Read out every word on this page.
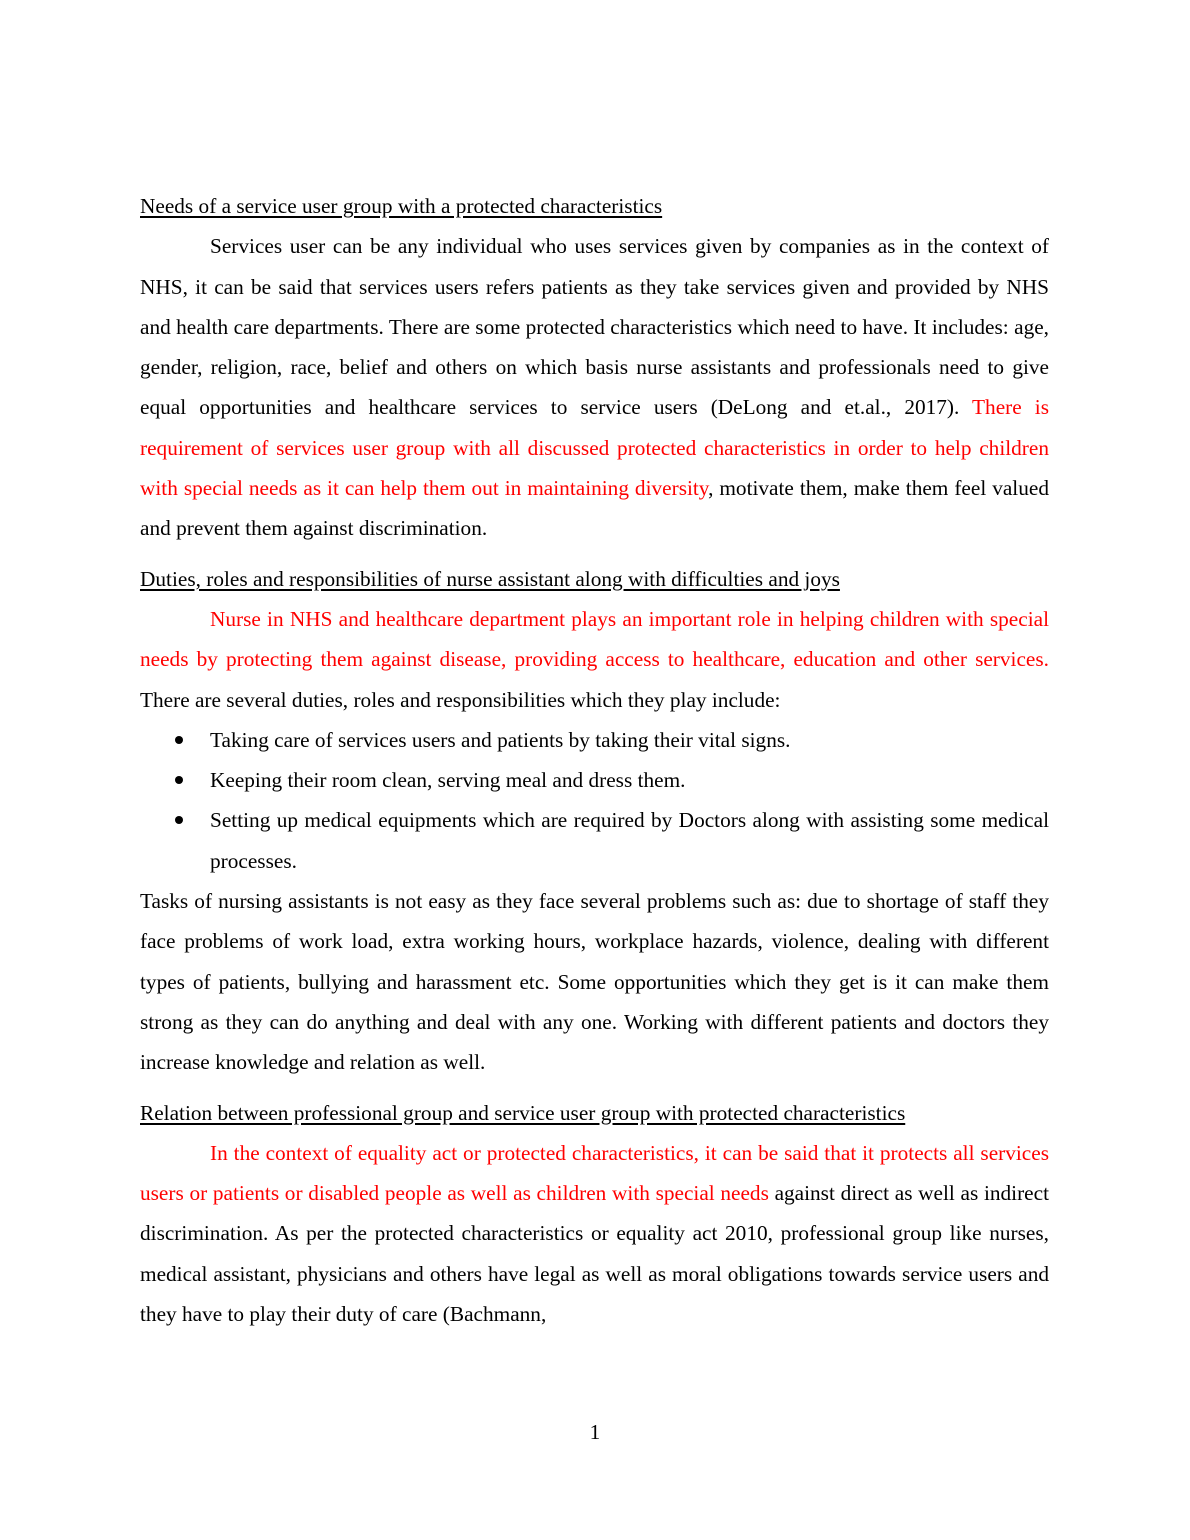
Needs of a service user group with a protected characteristics

Services user can be any individual who uses services given by companies as in the context of NHS, it can be said that services users refers patients as they take services given and provided by NHS and health care departments. There are some protected characteristics which need to have. It includes: age, gender, religion, race, belief and others on which basis nurse assistants and professionals need to give equal opportunities and healthcare services to service users (DeLong and et.al., 2017). There is requirement of services user group with all discussed protected characteristics in order to help children with special needs as it can help them out in maintaining diversity, motivate them, make them feel valued and prevent them against discrimination.

Duties, roles and responsibilities of nurse assistant along with difficulties and joys

Nurse in NHS and healthcare department plays an important role in helping children with special needs by protecting them against disease, providing access to healthcare, education and other services. There are several duties, roles and responsibilities which they play include:

Taking care of services users and patients by taking their vital signs.
Keeping their room clean, serving meal and dress them.
Setting up medical equipments which are required by Doctors along with assisting some medical processes.

Tasks of nursing assistants is not easy as they face several problems such as: due to shortage of staff they face problems of work load, extra working hours, workplace hazards, violence, dealing with different types of patients, bullying and harassment etc. Some opportunities which they get is it can make them strong as they can do anything and deal with any one. Working with different patients and doctors they increase knowledge and relation as well.

Relation between professional group and service user group with protected characteristics

In the context of equality act or protected characteristics, it can be said that it protects all services users or patients or disabled people as well as children with special needs against direct as well as indirect discrimination. As per the protected characteristics or equality act 2010, professional group like nurses, medical assistant, physicians and others have legal as well as moral obligations towards service users and they have to play their duty of care (Bachmann,

1
